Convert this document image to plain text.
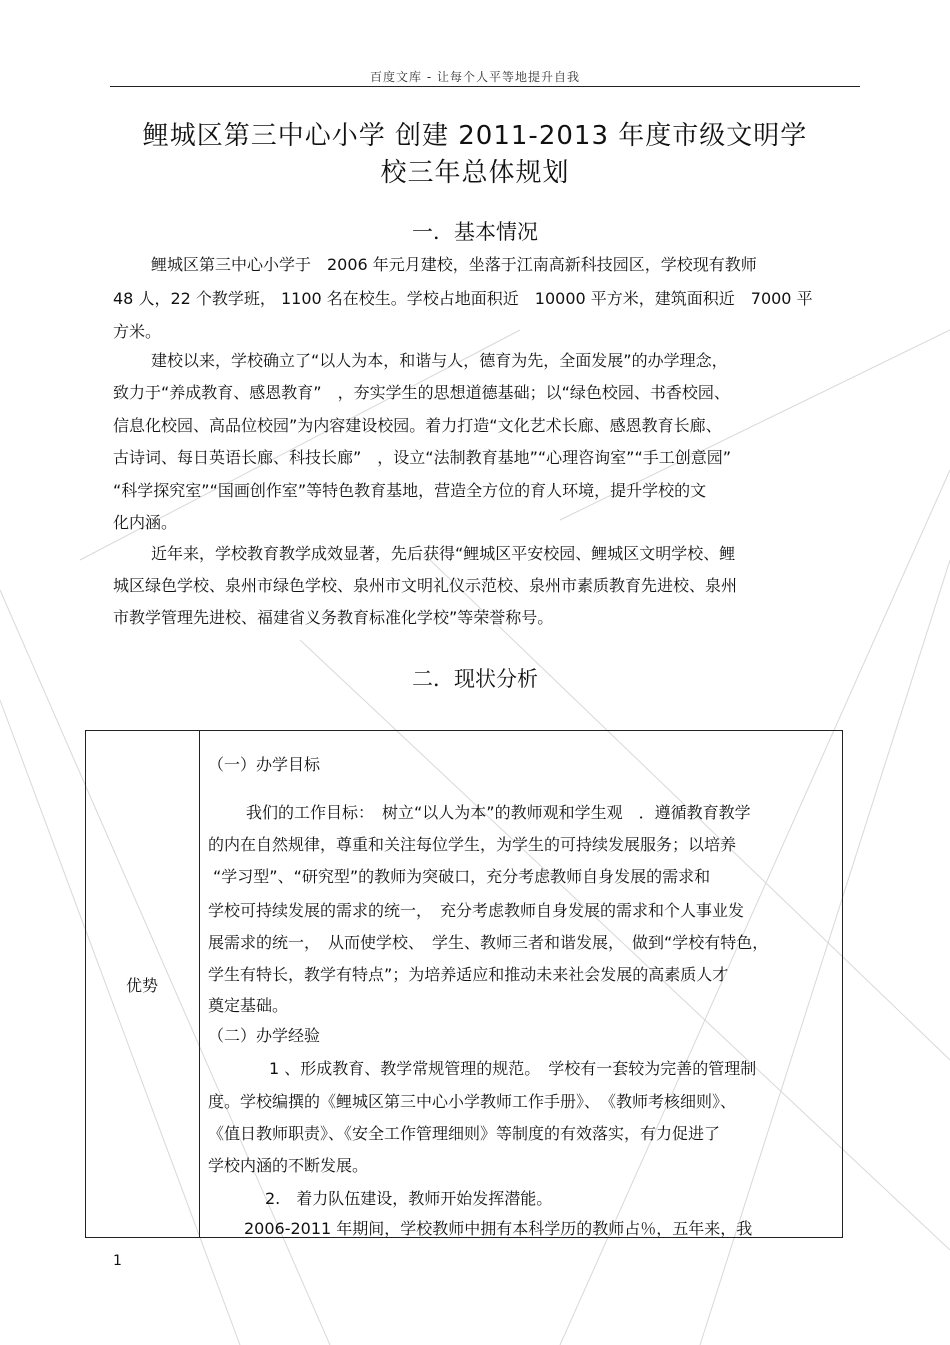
百度文库 - 让每个人平等地提升自我
鲤城区第三中心小学 创建 2011-2013 年度市级文明学
校三年总体规划
一．基本情况
鲤城区第三中心小学于　2006 年元月建校，坐落于江南高新科技园区，学校现有教师
48 人，22 个教学班， 1100 名在校生。学校占地面积近　10000 平方米，建筑面积近　7000 平
方米。
建校以来，学校确立了“以人为本，和谐与人，德育为先，全面发展”的办学理念，
致力于“养成教育、感恩教育”　，夯实学生的思想道德基础；以“绿色校园、书香校园、
信息化校园、高品位校园”为内容建设校园。着力打造“文化艺术长廊、感恩教育长廊、
古诗词、每日英语长廊、科技长廊”　，设立“法制教育基地”“心理咨询室”“手工创意园”
“科学探究室”“国画创作室”等特色教育基地，营造全方位的育人环境，提升学校的文
化内涵。
近年来，学校教育教学成效显著，先后获得“鲤城区平安校园、鲤城区文明学校、鲤
城区绿色学校、泉州市绿色学校、泉州市文明礼仪示范校、泉州市素质教育先进校、泉州
市教学管理先进校、福建省义务教育标准化学校”等荣誉称号。
二．现状分析
优势
（一）办学目标
我们的工作目标：　树立“以人为本”的教师观和学生观　．遵循教育教学
的内在自然规律，尊重和关注每位学生，为学生的可持续发展服务；以培养
“学习型”、“研究型”的教师为突破口，充分考虑教师自身发展的需求和
学校可持续发展的需求的统一，　充分考虑教师自身发展的需求和个人事业发
展需求的统一，　从而使学校、　学生、教师三者和谐发展，　做到“学校有特色，
学生有特长，教学有特点”；为培养适应和推动未来社会发展的高素质人才
奠定基础。
（二）办学经验
1 、形成教育、教学常规管理的规范。　学校有一套较为完善的管理制
度。学校编撰的《鲤城区第三中心小学教师工作手册》、　《教师考核细则》、
《值日教师职责》、《安全工作管理细则》等制度的有效落实，有力促进了
学校内涵的不断发展。
2.　着力队伍建设，教师开始发挥潜能。
2006-2011 年期间，学校教师中拥有本科学历的教师占％，五年来，我
1
